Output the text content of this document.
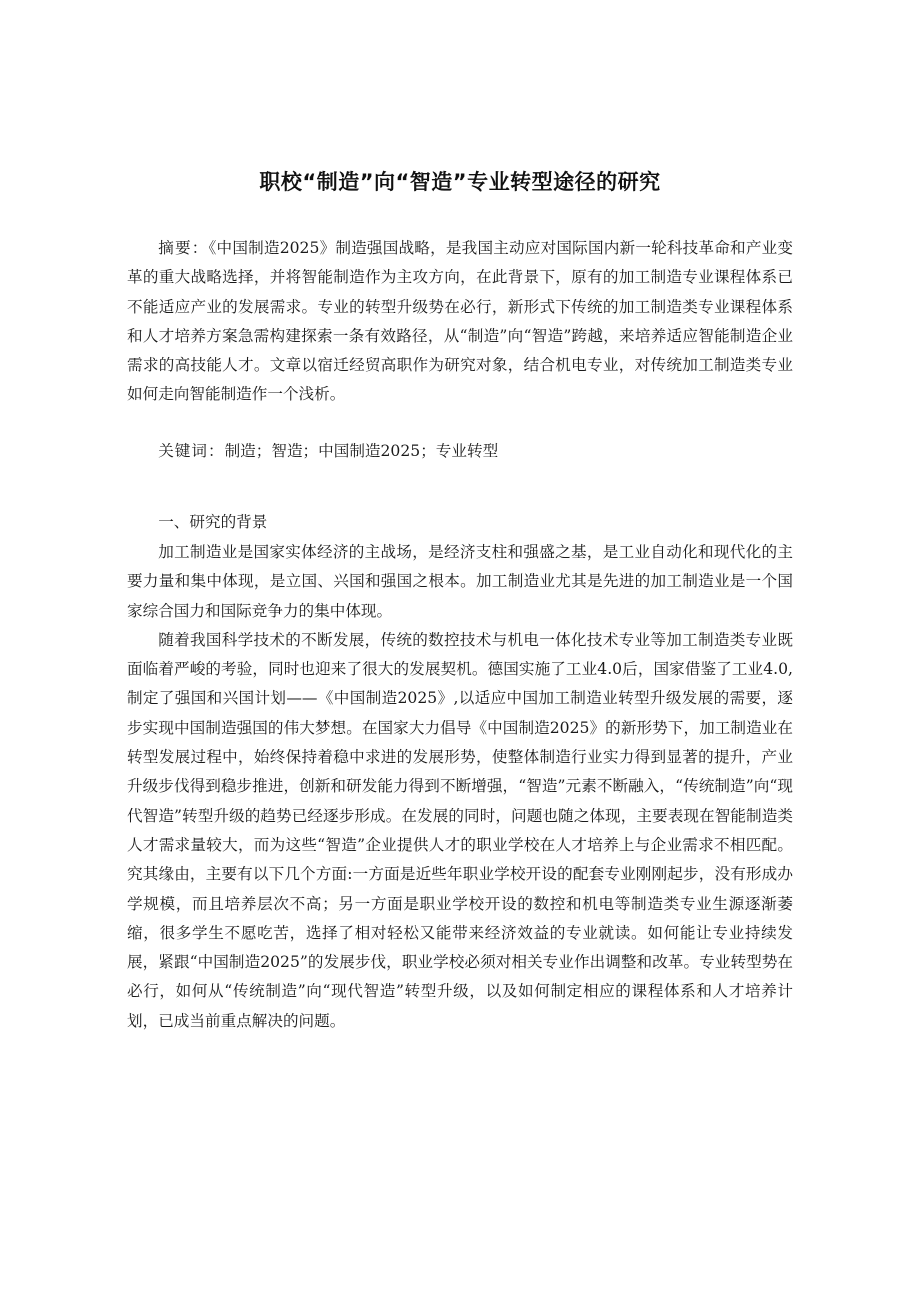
职校“制造”向“智造”专业转型途径的研究

摘要：《中国制造2025》制造强国战略，是我国主动应对国际国内新一轮科技革命和产业变革的重大战略选择，并将智能制造作为主攻方向，在此背景下，原有的加工制造专业课程体系已不能适应产业的发展需求。专业的转型升级势在必行，新形式下传统的加工制造类专业课程体系和人才培养方案急需构建探索一条有效路径，从“制造”向“智造”跨越，来培养适应智能制造企业需求的高技能人才。文章以宿迁经贸高职作为研究对象，结合机电专业，对传统加工制造类专业如何走向智能制造作一个浅析。

关键词：制造；智造；中国制造2025；专业转型

一、研究的背景

加工制造业是国家实体经济的主战场，是经济支柱和强盛之基，是工业自动化和现代化的主要力量和集中体现，是立国、兴国和强国之根本。加工制造业尤其是先进的加工制造业是一个国家综合国力和国际竞争力的集中体现。

随着我国科学技术的不断发展，传统的数控技术与机电一体化技术专业等加工制造类专业既面临着严峻的考验，同时也迎来了很大的发展契机。德国实施了工业4.0后，国家借鉴了工业4.0,制定了强国和兴国计划——《中国制造2025》,以适应中国加工制造业转型升级发展的需要，逐步实现中国制造强国的伟大梦想。在国家大力倡导《中国制造2025》的新形势下，加工制造业在转型发展过程中，始终保持着稳中求进的发展形势，使整体制造行业实力得到显著的提升，产业升级步伐得到稳步推进，创新和研发能力得到不断增强，“智造”元素不断融入，“传统制造”向“现代智造”转型升级的趋势已经逐步形成。在发展的同时，问题也随之体现，主要表现在智能制造类人才需求量较大，而为这些“智造”企业提供人才的职业学校在人才培养上与企业需求不相匹配。究其缘由，主要有以下几个方面:一方面是近些年职业学校开设的配套专业刚刚起步，没有形成办学规模，而且培养层次不高；另一方面是职业学校开设的数控和机电等制造类专业生源逐渐萎缩，很多学生不愿吃苦，选择了相对轻松又能带来经济效益的专业就读。如何能让专业持续发展，紧跟“中国制造2025”的发展步伐，职业学校必须对相关专业作出调整和改革。专业转型势在必行，如何从“传统制造”向“现代智造”转型升级，以及如何制定相应的课程体系和人才培养计划，已成当前重点解决的问题。
